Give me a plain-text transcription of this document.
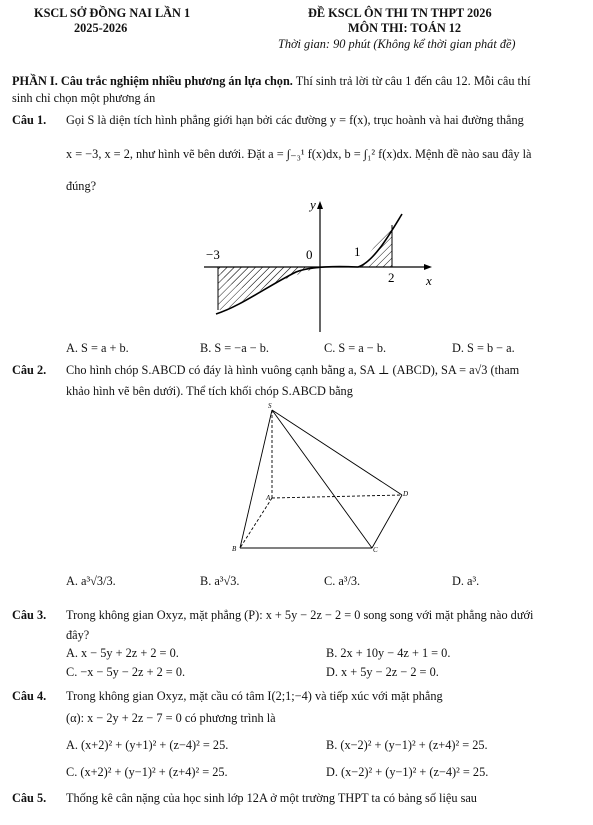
KSCL SỞ ĐỒNG NAI LẦN 1
2025-2026
ĐỀ KSCL ÔN THI TN THPT 2026
MÔN THI: TOÁN 12
Thời gian: 90 phút (Không kể thời gian phát đề)
PHẦN I. Câu trắc nghiệm nhiều phương án lựa chọn. Thí sinh trả lời từ câu 1 đến câu 12. Mỗi câu thí
sinh chỉ chọn một phương án
Câu 1. Gọi S là diện tích hình phẳng giới hạn bởi các đường y = f(x), trục hoành và hai đường thẳng
x = −3, x = 2, như hình vẽ bên dưới. Đặt a = ∫₋₃¹ f(x)dx, b = ∫₁² f(x)dx. Mệnh đề nào sau đây là
đúng?
y
x
−3	0	1
2
A. S = a + b.	B. S = −a − b.	C. S = a − b.	D. S = b − a.
Câu 2. Cho hình chóp S.ABCD có đáy là hình vuông cạnh bằng a, SA ⊥ (ABCD), SA = a√3 (tham
khảo hình vẽ bên dưới). Thể tích khối chóp S.ABCD bằng
S
A
B	C
D
A. a³√3/3.	B. a³√3.	C. a³/3.	D. a³.
Câu 3. Trong không gian Oxyz, mặt phẳng (P): x + 5y − 2z − 2 = 0 song song với mặt phẳng nào dưới
đây?
A. x − 5y + 2z + 2 = 0.	B. 2x + 10y − 4z + 1 = 0.
C. −x − 5y − 2z + 2 = 0.	D. x + 5y − 2z − 2 = 0.
Câu 4. Trong không gian Oxyz, mặt cầu có tâm I(2;1;−4) và tiếp xúc với mặt phẳng
(α): x − 2y + 2z − 7 = 0 có phương trình là
A. (x+2)² + (y+1)² + (z−4)² = 25.	B. (x−2)² + (y−1)² + (z+4)² = 25.
C. (x+2)² + (y−1)² + (z+4)² = 25.	D. (x−2)² + (y−1)² + (z−4)² = 25.
Câu 5. Thống kê cân nặng của học sinh lớp 12A ở một trường THPT ta có bảng số liệu sau
